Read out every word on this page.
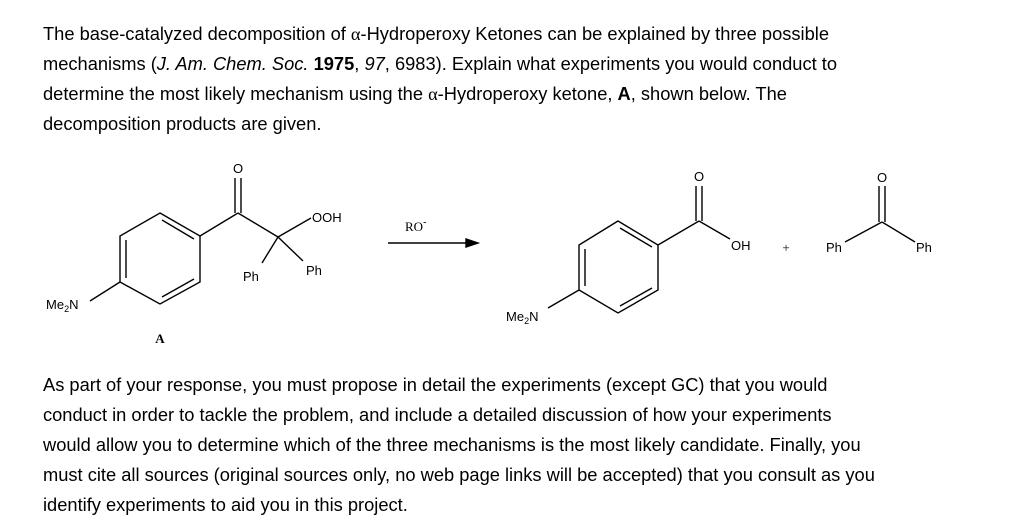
The base-catalyzed decomposition of α-Hydroperoxy Ketones can be explained by three possible
mechanisms (J. Am. Chem. Soc. 1975, 97, 6983). Explain what experiments you would conduct to
determine the most likely mechanism using the α-Hydroperoxy ketone, A, shown below. The
decomposition products are given.
O
OOH
Ph	Ph
$Me_2N$
A
RO-
O
OH
$Me_2N$
+
O
Ph	Ph
As part of your response, you must propose in detail the experiments (except GC) that you would
conduct in order to tackle the problem, and include a detailed discussion of how your experiments
would allow you to determine which of the three mechanisms is the most likely candidate. Finally, you
must cite all sources (original sources only, no web page links will be accepted) that you consult as you
identify experiments to aid you in this project.
